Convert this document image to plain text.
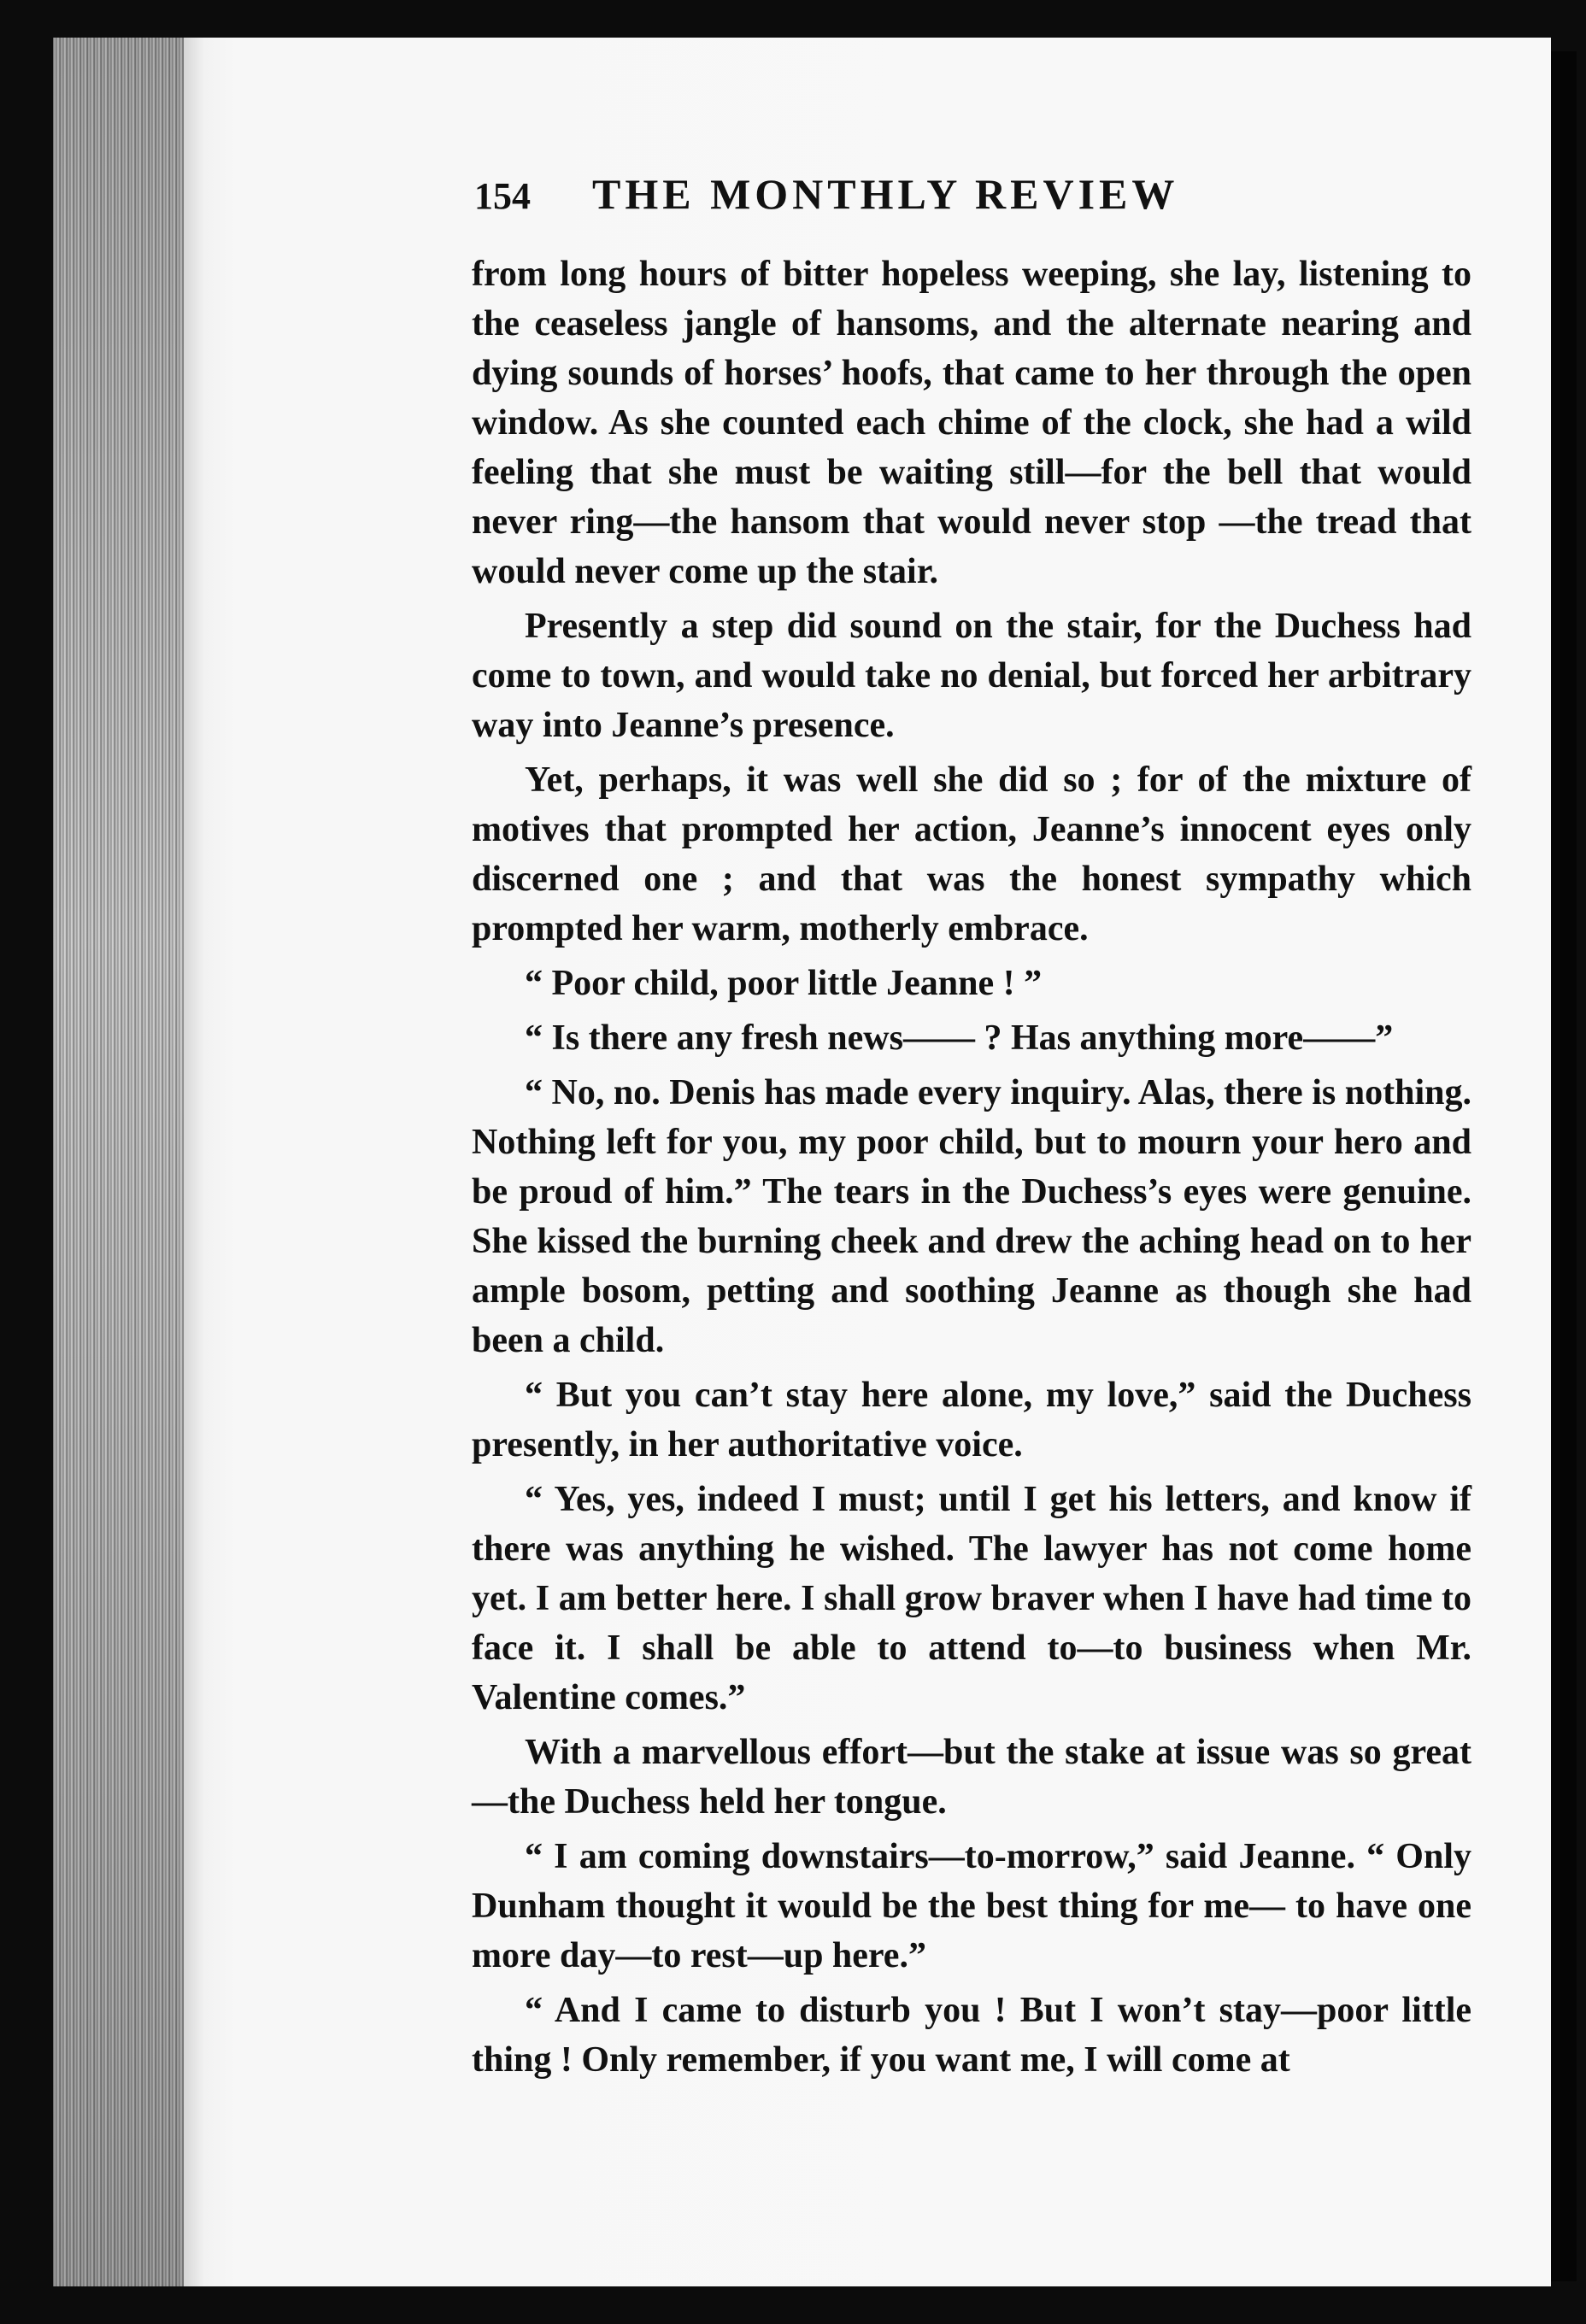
154 THE MONTHLY REVIEW

from long hours of bitter hopeless weeping, she lay, listening to the ceaseless jangle of hansoms, and the alternate nearing and dying sounds of horses’ hoofs, that came to her through the open window. As she counted each chime of the clock, she had a wild feeling that she must be waiting still—for the bell that would never ring—the hansom that would never stop —the tread that would never come up the stair.

Presently a step did sound on the stair, for the Duchess had come to town, and would take no denial, but forced her arbitrary way into Jeanne’s presence.

Yet, perhaps, it was well she did so ; for of the mixture of motives that prompted her action, Jeanne’s innocent eyes only discerned one ; and that was the honest sympathy which prompted her warm, motherly embrace.

“ Poor child, poor little Jeanne ! ”

“ Is there any fresh news—— ? Has anything more——”

“ No, no. Denis has made every inquiry. Alas, there is nothing. Nothing left for you, my poor child, but to mourn your hero and be proud of him.” The tears in the Duchess’s eyes were genuine. She kissed the burning cheek and drew the aching head on to her ample bosom, petting and soothing Jeanne as though she had been a child.

“ But you can’t stay here alone, my love,” said the Duchess presently, in her authoritative voice.

“ Yes, yes, indeed I must; until I get his letters, and know if there was anything he wished. The lawyer has not come home yet. I am better here. I shall grow braver when I have had time to face it. I shall be able to attend to—to business when Mr. Valentine comes.”

With a marvellous effort—but the stake at issue was so great—the Duchess held her tongue.

“ I am coming downstairs—to-morrow,” said Jeanne. “ Only Dunham thought it would be the best thing for me— to have one more day—to rest—up here.”

“ And I came to disturb you ! But I won’t stay—poor little thing ! Only remember, if you want me, I will come at
